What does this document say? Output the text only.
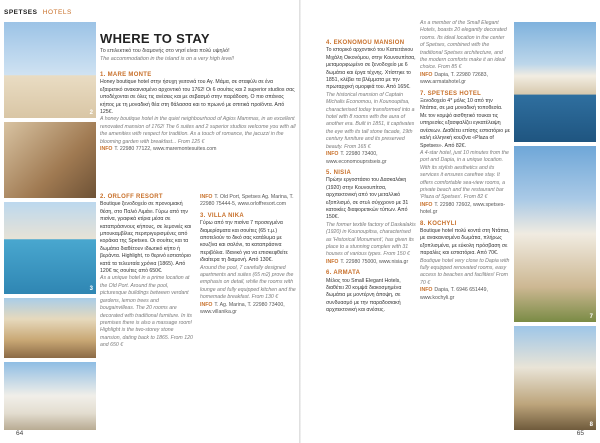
SPETSES HOTELS
2
3
WHERE TO STAY
Το επιλεκτικό του διαμονής στο νησί είναι πολύ υψηλό!
The accommodation in the island is on a very high level!

1. MARE MONTE

Honey boutique hotel στην ήσυχη γειτονιά του Αγ. Μάμα, σε σταφύλι σε ένα εξαιρετικό ανακαινισμένο αρχοντικό του 1762! Οι 6 σουίτες και 2 superior studios σας υποδέχονται σε όλες τις ανέσεις και με σεβασμό στην παράδοση. Ο πιο σπάνιος κήπος με τη μοναδική θέα στη θάλασσα και το πρωινό με σπιτικά προϊόντα. Από 125€.

A honey boutique hotel in the quiet neighbourhood of Agios Mammas, in an excellent renovated mansion of 1762! The 6 suites and 2 superior studios welcome you with all the amenities with respect for tradition. As a touch of romance, the jacuzzi in the blooming garden with breakfast... From 125 €

INFO T. 22980 77122, www.maremontesuites.com

2. ORLOFF RESORT

Boutique ξενοδοχείο σε προνομιακή θέση, στο Παλιό Λιμάνι. Γύρω από την πισίνα, γραφικά κτίρια μέσα σε καταπράσινους κήπους, σε λεμονιές και μπουκαμβίλιες περιτριγυρισμένες από κοράκια της Spetses. Οι σουίτες και τα δωμάτια διαθέτουν ιδιωτικό κήπο ή βεράντα. Highlight, το θερινό εστιατόριο κατά τα τελευταία χρόνια (1865). Από 120€ τις σουίτες από 650€.

As a unique hotel in a prime location at the Old Port. Around the pool, picturesque buildings between verdant gardens, lemon trees and bougainvilleas. The 20 rooms are decorated with traditional furniture. In its premises there is also a massage room! Highlight is the two-storey stone mansion, dating back to 1865. From 120 and 650 €

INFO T. Old Port, Spetses Ag. Marina, T. 22980 75444-5, www.orloffresort.com

3. VILLA NIKA

Γύρω από την πισίνα 7 προσεγμένα διαμερίσματα και σουίτες (65 τ.μ.) αποτελούν το δικό σας κατάλυμα με κουζίνα και σαλόνι, τα καταπράσινα περιβόλια. Ιδανικό για να επισκεφθείτε ιδιαίτερα τη διαμονή. Από 130€.

Around the pool, 7 carefully designed apartments and suites (65 m2) prove the emphasis on detail, while the rooms with lounge and fully equipped kitchen and the homemade breakfast. From 130 €

INFO T. Ag. Marina, T. 22980 73400, www.villanika.gr

4. EKONOMOU MANSION

Το ιστορικό αρχοντικό του Καπετάνιου Μιχάλη Οικονόμου, στην Κουνουπίτσα, μεταμορφωμένο σε ξενοδοχείο με 6 δωμάτια και έργα τέχνης. Χτίστηκε το 1851, κλέβει τα βλέμματα με την πρωταρχική ομορφιά του. Από 165€.

The historical mansion of Captain Michalis Economou, in Kounoupitsa, characterised today transformed into a hotel with 8 rooms with the aura of another era. Built in 1851, it captivates the eye with its tall stone facade, 19th century furniture and its preserved beauty. From 165 €

INFO T. 22980 73400, www.economouprstseis.gr

5. NISIA

Πρώην εργοστάσιο του Δασκαλάκη (1920) στην Κουνουπίτσα, αρχιτεκτονική από τον μεταλλικό εξοπλισμό, σε στυλ σύγχρονο με 31 κατοικίες διαφορετικών τύπων. Από 150€.

The former textile factory of Daskalakis (1920) in Kounoupitsa, characterised as 'Historical Monument', has given its place to a stunning complex with 31 houses of various types. From 150 €

INFO T. 22980 75000, www.nisia.gr

6. ARMATA

Μέλος του Small Elegant Hotels, διαθέτει 20 κομψά διακοσμημένα δωμάτια με μοντέρνη άποψη, σε συνδυασμό με την παραδοσιακή αρχιτεκτονική και ανέσεις.

As a member of the Small Elegant Hotels, boasts 20 elegantly decorated rooms. Its ideal location in the center of Spetses, combined with the traditional Spetses architecture, and the modern comforts make it an ideal choice. From 85 €

INFO Dapia, T. 22980 72683, www.armatahotel.gr

7. SPETSES HOTEL

Ξενοδοχείο 4* μόλις 10 από την Ντάπια, σε μια μοναδική τοποθεσία. Με τον κομψό αισθητικό τουκαι τις υπηρεσίες εξασφαλίζει εγκατέλειψη ανέσεων. Διαθέτει επίσης εστιατόριο με καλή ελληνική κουζίνα «Plaza of Spetses». Από 82€.

A 4-star hotel, just 10 minutes from the port and Dapia, in a unique location. With its stylish aesthetics and its services it ensures carefree stay. It offers comfortable sea-view rooms, a private beach and the restaurant bar 'Plaza of Spetses'. From 82 €

INFO T. 22980 72602, www.spetses-hotel.gr

8. KOCHYLI

Boutique hotel πολύ κοντά στη Ντάπια, με ανακαινισμένα δωμάτια, πλήρως εξοπλισμένα, με εύκολη πρόσβαση σε παραλίες και εστιατόρια. Από 70€.

Boutique hotel very close to Dapia with fully equipped renovated rooms, easy access to beaches and facilities! From 70 €

INFO Dapia, T. 6946 651449, www.kochyli.gr

7
8
64	65
